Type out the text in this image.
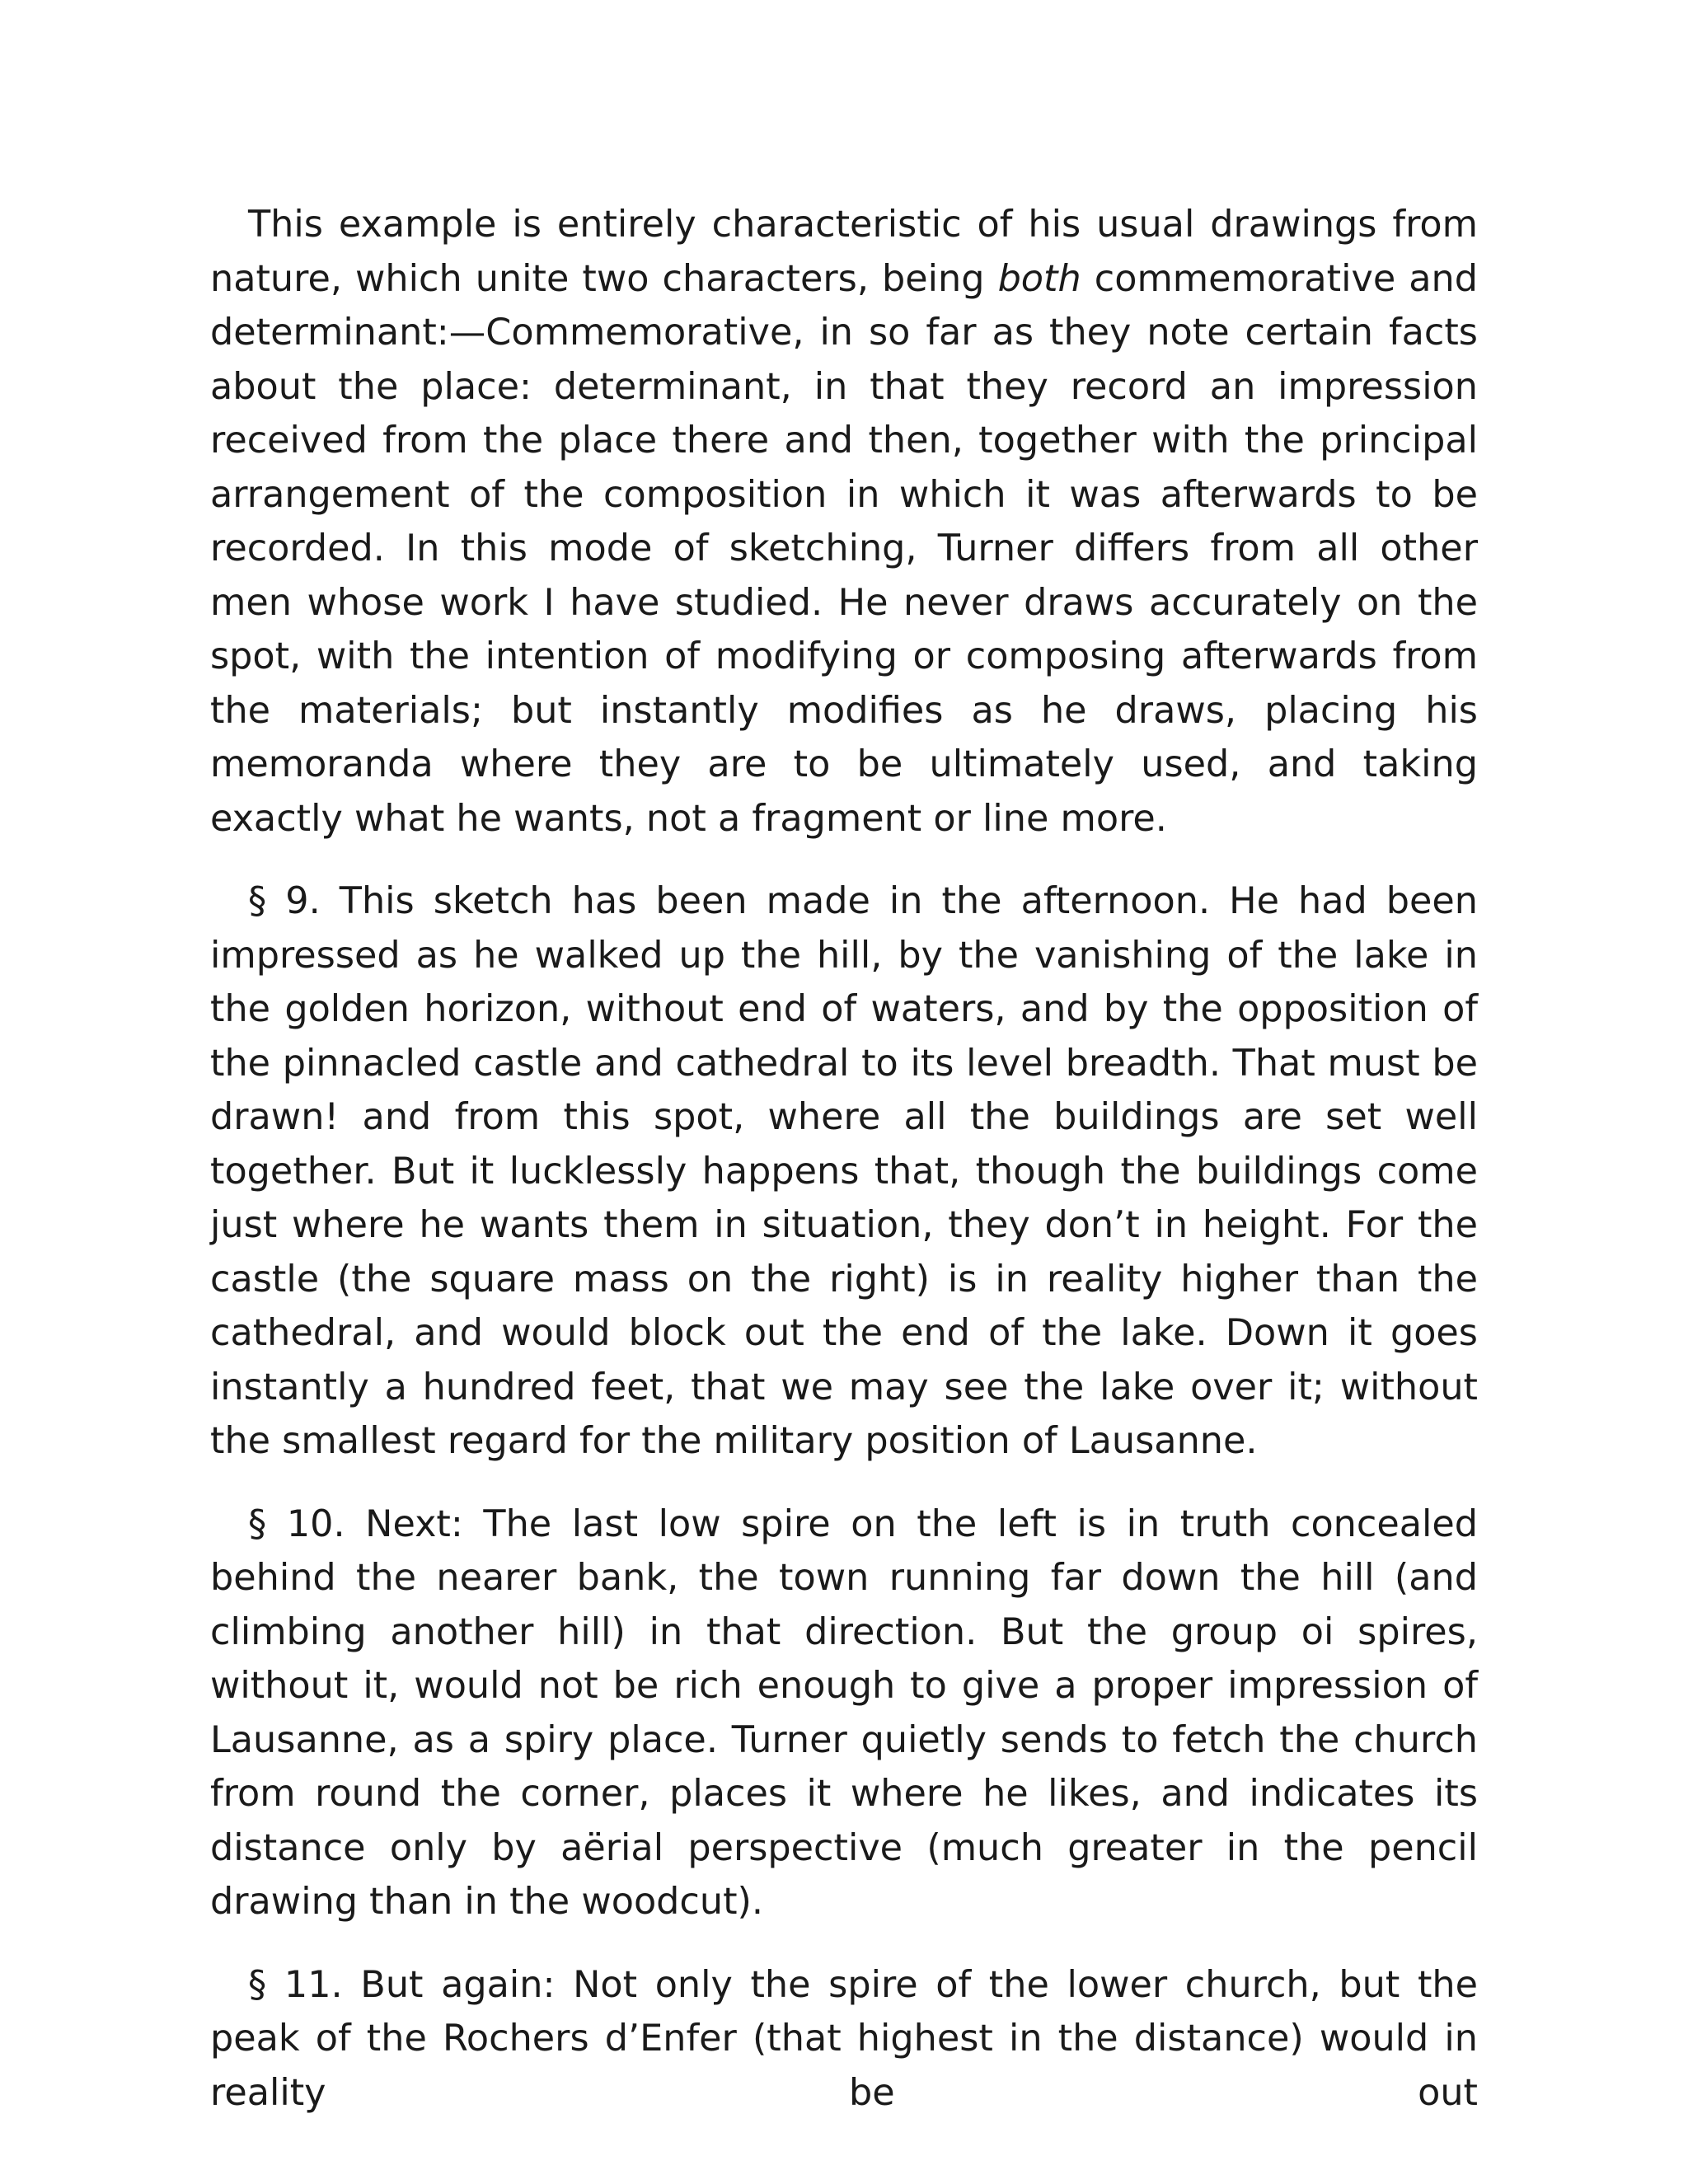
This example is entirely characteristic of his usual drawings from nature, which unite two characters, being both commemorative and determinant:—Commemorative, in so far as they note certain facts about the place: determinant, in that they record an impression received from the place there and then, together with the principal arrangement of the composition in which it was afterwards to be recorded. In this mode of sketching, Turner differs from all other men whose work I have studied. He never draws accurately on the spot, with the intention of modifying or composing afterwards from the materials; but instantly modifies as he draws, placing his memoranda where they are to be ultimately used, and taking exactly what he wants, not a fragment or line more.

§ 9. This sketch has been made in the afternoon. He had been impressed as he walked up the hill, by the vanishing of the lake in the golden horizon, without end of waters, and by the opposition of the pinnacled castle and cathedral to its level breadth. That must be drawn! and from this spot, where all the buildings are set well together. But it lucklessly happens that, though the buildings come just where he wants them in situation, they don’t in height. For the castle (the square mass on the right) is in reality higher than the cathedral, and would block out the end of the lake. Down it goes instantly a hundred feet, that we may see the lake over it; without the smallest regard for the military position of Lausanne.

§ 10. Next: The last low spire on the left is in truth concealed behind the nearer bank, the town running far down the hill (and climbing another hill) in that direction. But the group oi spires, without it, would not be rich enough to give a proper impression of Lausanne, as a spiry place. Turner quietly sends to fetch the church from round the corner, places it where he likes, and indicates its distance only by aërial perspective (much greater in the pencil drawing than in the woodcut).

§ 11. But again: Not only the spire of the lower church, but the peak of the Rochers d’Enfer (that highest in the distance) would in reality be out
